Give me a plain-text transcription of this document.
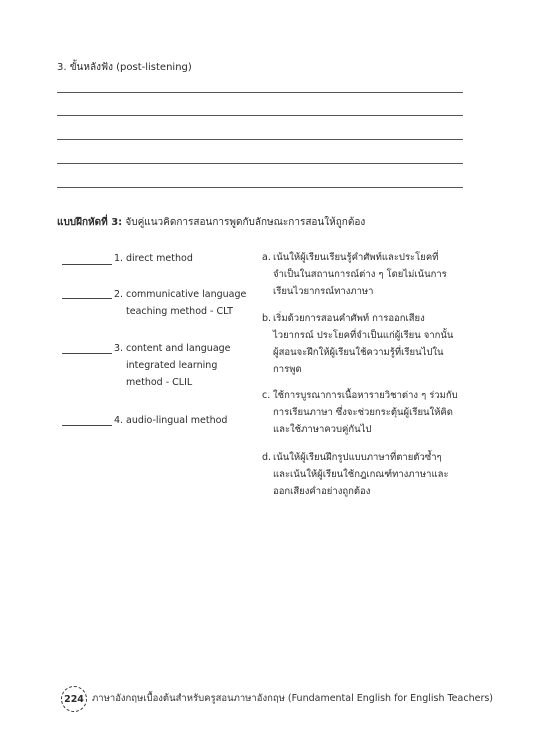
3. ขั้นหลังฟัง (post-listening)
แบบฝึกหัดที่ 3: จับคู่แนวคิดการสอนการพูดกับลักษณะการสอนให้ถูกต้อง
1. direct method
2. communicative language
teaching method - CLT
3. content and language
integrated learning
method - CLIL
4. audio-lingual method
a. เน้นให้ผู้เรียนเรียนรู้คำศัพท์และประโยคที่
จำเป็นในสถานการณ์ต่าง ๆ โดยไม่เน้นการ
เรียนไวยากรณ์ทางภาษา
b. เริ่มด้วยการสอนคำศัพท์ การออกเสียง
ไวยากรณ์ ประโยคที่จำเป็นแก่ผู้เรียน จากนั้น
ผู้สอนจะฝึกให้ผู้เรียนใช้ความรู้ที่เรียนไปใน
การพูด
c. ใช้การบูรณาการเนื้อหารายวิชาต่าง ๆ ร่วมกับ
การเรียนภาษา ซึ่งจะช่วยกระตุ้นผู้เรียนให้คิด
และใช้ภาษาควบคู่กันไป
d. เน้นให้ผู้เรียนฝึกรูปแบบภาษาที่ตายตัวซ้ำๆ
และเน้นให้ผู้เรียนใช้กฎเกณฑ์ทางภาษาและ
ออกเสียงคำอย่างถูกต้อง
224 ภาษาอังกฤษเบื้องต้นสำหรับครูสอนภาษาอังกฤษ (Fundamental English for English Teachers)
